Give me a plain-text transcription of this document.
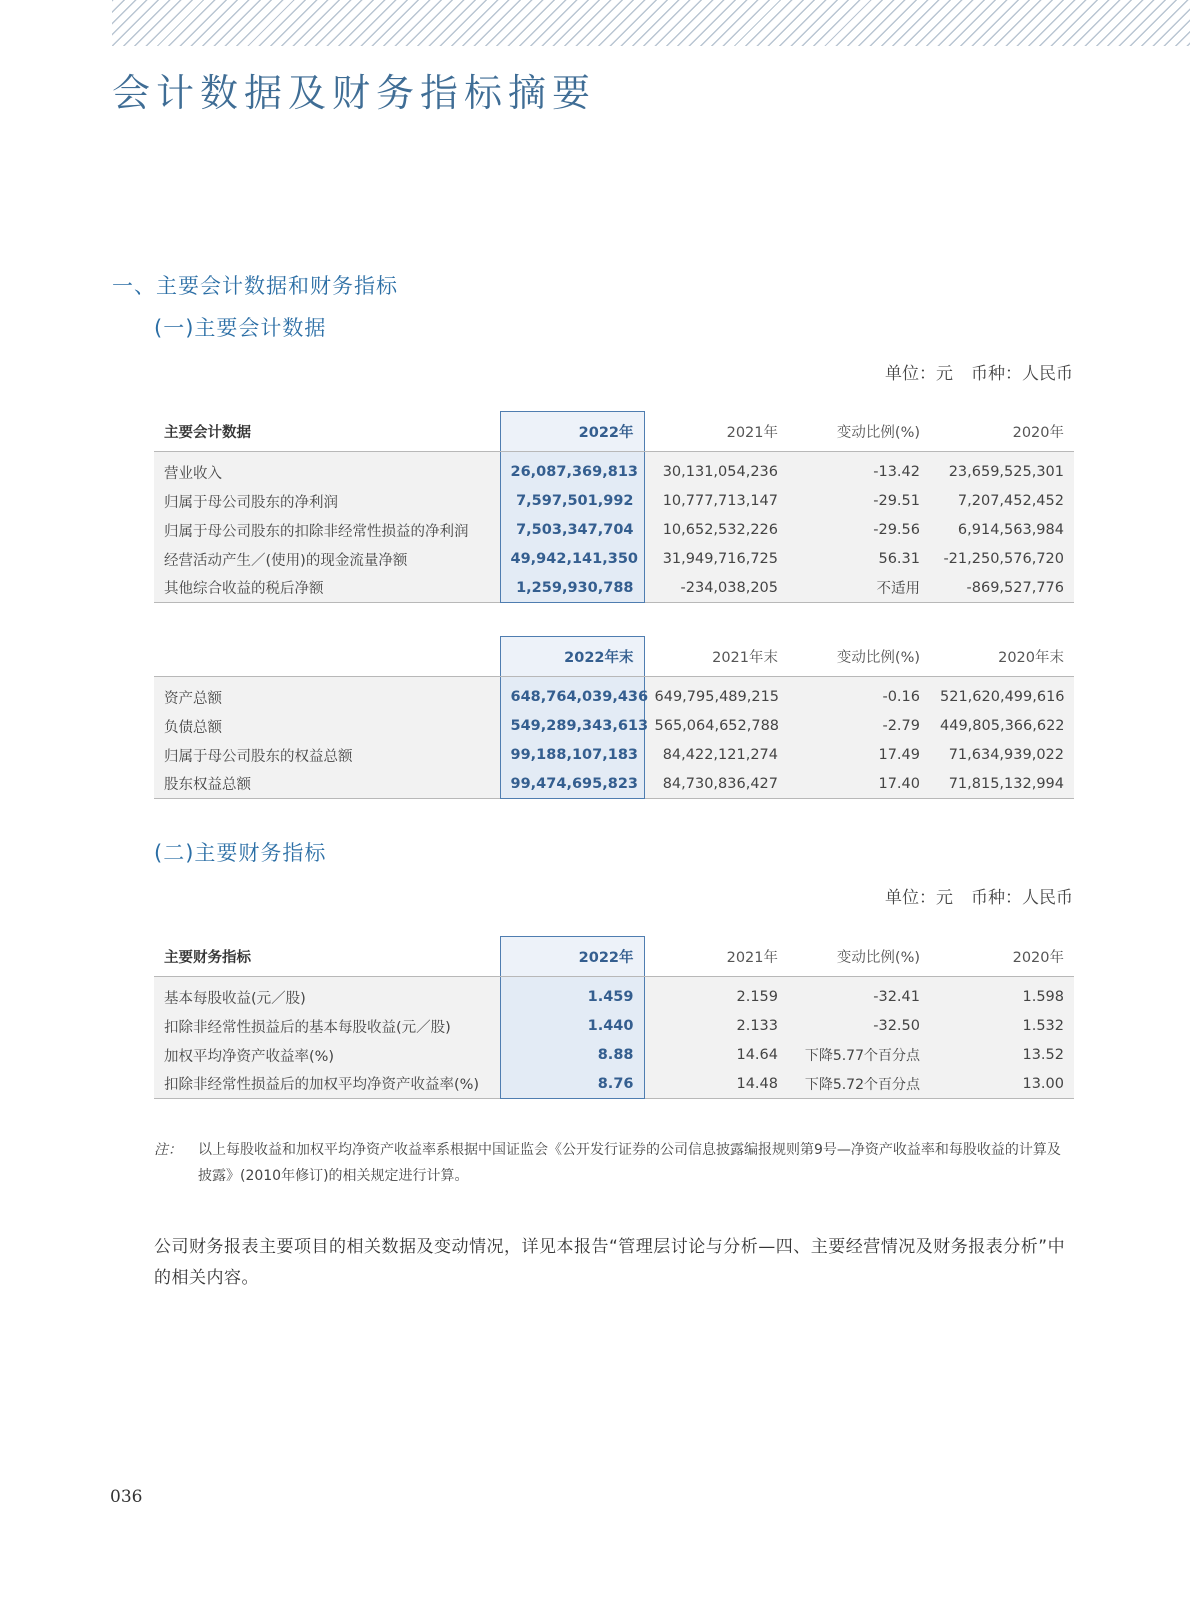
会计数据及财务指标摘要
一、主要会计数据和财务指标
(一)主要会计数据
单位：元 币种：人民币
主要会计数据	2022年	2021年	变动比例(%)	2020年

营业收入	26,087,369,813	30,131,054,236	-13.42	23,659,525,301
归属于母公司股东的净利润	7,597,501,992	10,777,713,147	-29.51	7,207,452,452
归属于母公司股东的扣除非经常性损益的净利润	7,503,347,704	10,652,532,226	-29.56	6,914,563,984
经营活动产生／(使用)的现金流量净额	49,942,141,350	31,949,716,725	56.31	-21,250,576,720
其他综合收益的税后净额	1,259,930,788	-234,038,205	不适用	-869,527,776
	2022年末	2021年末	变动比例(%)	2020年末

资产总额	648,764,039,436	649,795,489,215	-0.16	521,620,499,616
负债总额	549,289,343,613	565,064,652,788	-2.79	449,805,366,622
归属于母公司股东的权益总额	99,188,107,183	84,422,121,274	17.49	71,634,939,022
股东权益总额	99,474,695,823	84,730,836,427	17.40	71,815,132,994
(二)主要财务指标
单位：元 币种：人民币
主要财务指标	2022年	2021年	变动比例(%)	2020年

基本每股收益(元／股)	1.459	2.159	-32.41	1.598
扣除非经常性损益后的基本每股收益(元／股)	1.440	2.133	-32.50	1.532
加权平均净资产收益率(%)	8.88	14.64	下降5.77个百分点	13.52
扣除非经常性损益后的加权平均净资产收益率(%)	8.76	14.48	下降5.72个百分点	13.00
注： 以上每股收益和加权平均净资产收益率系根据中国证监会《公开发行证券的公司信息披露编报规则第9号—净资产收益率和每股收益的计算及披露》(2010年修订)的相关规定进行计算。

公司财务报表主要项目的相关数据及变动情况，详见本报告“管理层讨论与分析—四、主要经营情况及财务报表分析”中的相关内容。

036
